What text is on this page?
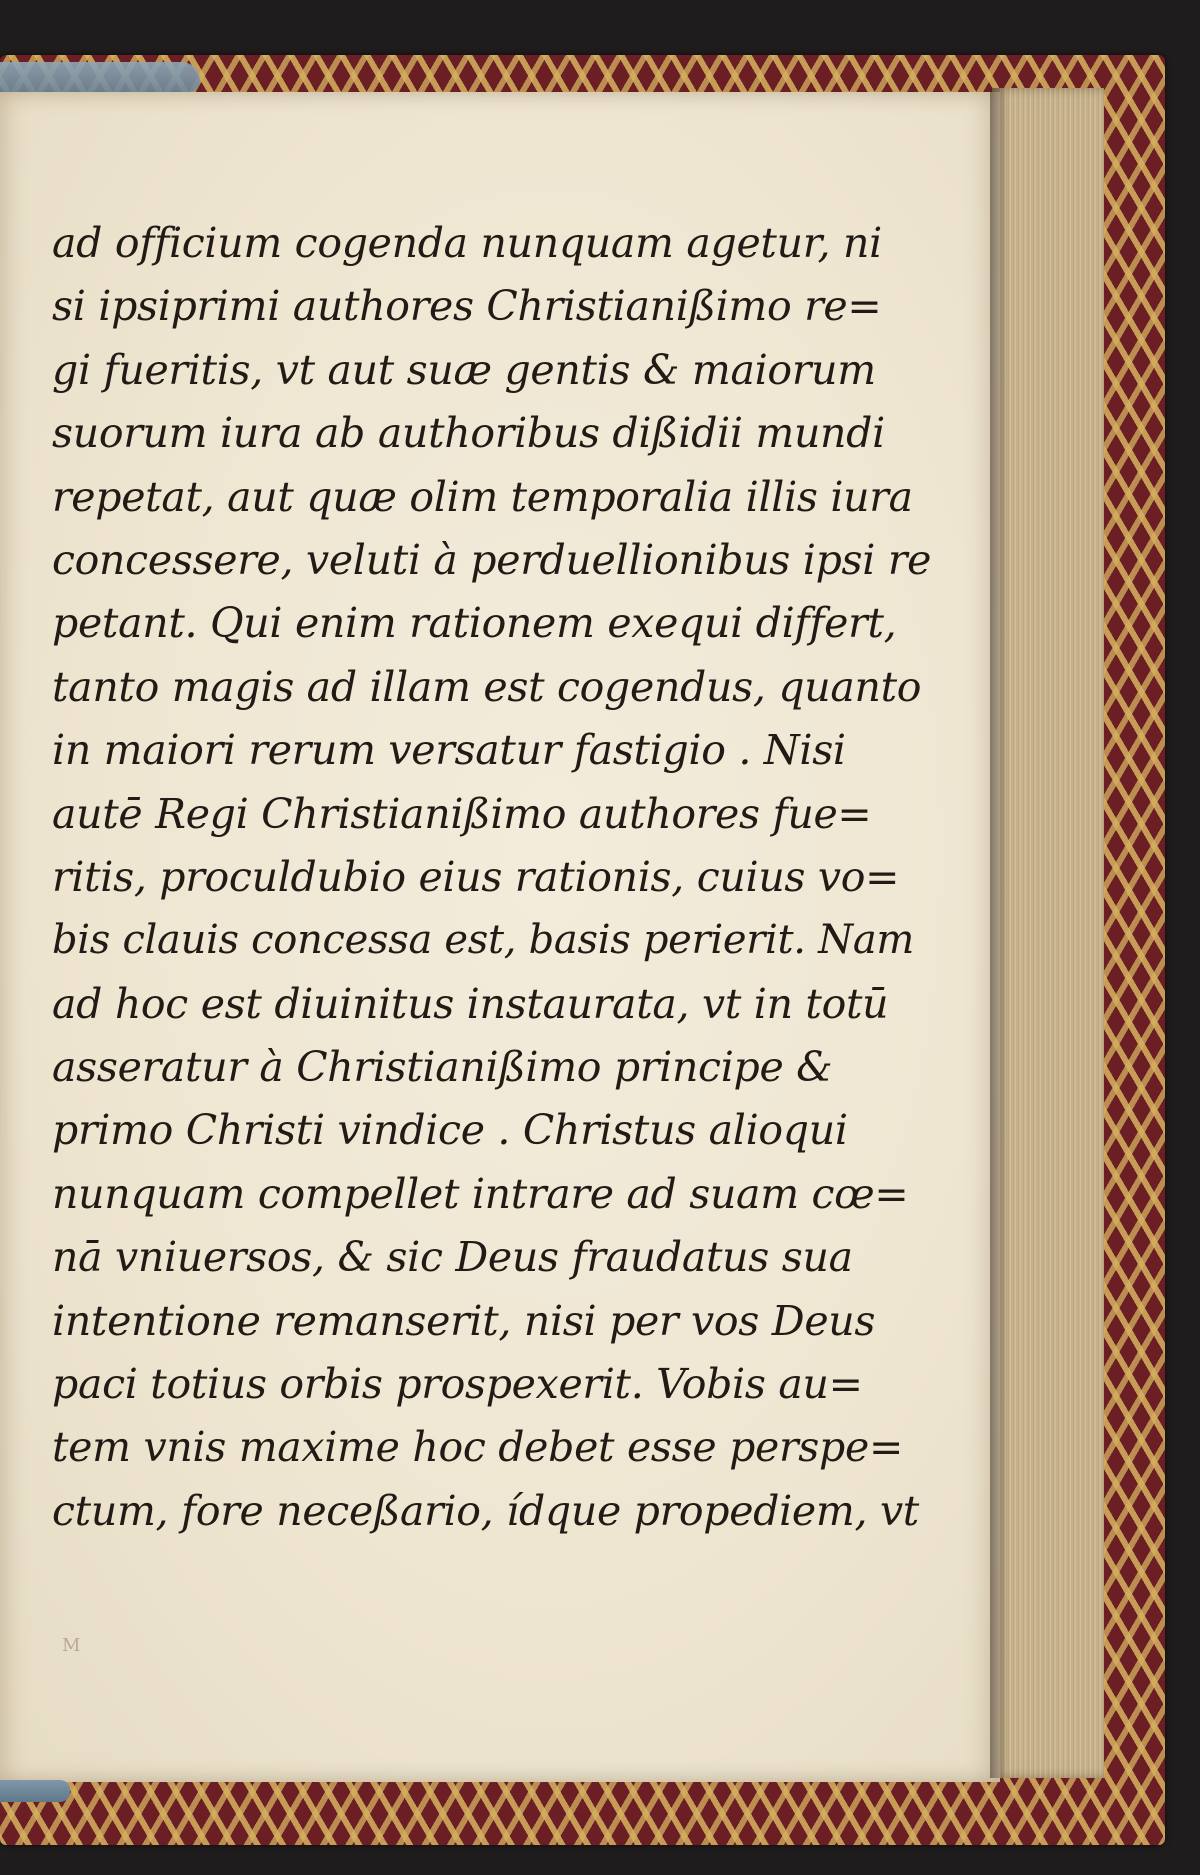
ad officium cogenda nunquam agetur, ni
si ipsiprimi authores Christianißimo re=
gi fueritis, vt aut suæ gentis & maiorum
suorum iura ab authoribus dißidii mundi
repetat, aut quæ olim temporalia illis iura
concessere, veluti à perduellionibus ipsi re
petant. Qui enim rationem exequi differt,
tanto magis ad illam est cogendus, quanto
in maiori rerum versatur fastigio . Nisi
autē Regi Christianißimo authores fue=
ritis, proculdubio eius rationis, cuius vo=
bis clauis concessa est, basis perierit. Nam
ad hoc est diuinitus instaurata, vt in totū
asseratur à Christianißimo principe &
primo Christi vindice . Christus alioqui
nunquam compellet intrare ad suam cœ=
nā vniuersos, & sic Deus fraudatus sua
intentione remanserit, nisi per vos Deus
paci totius orbis prospexerit. Vobis au=
tem vnis maxime hoc debet esse perspe=
ctum, fore neceßario, ídque propediem, vt
M
